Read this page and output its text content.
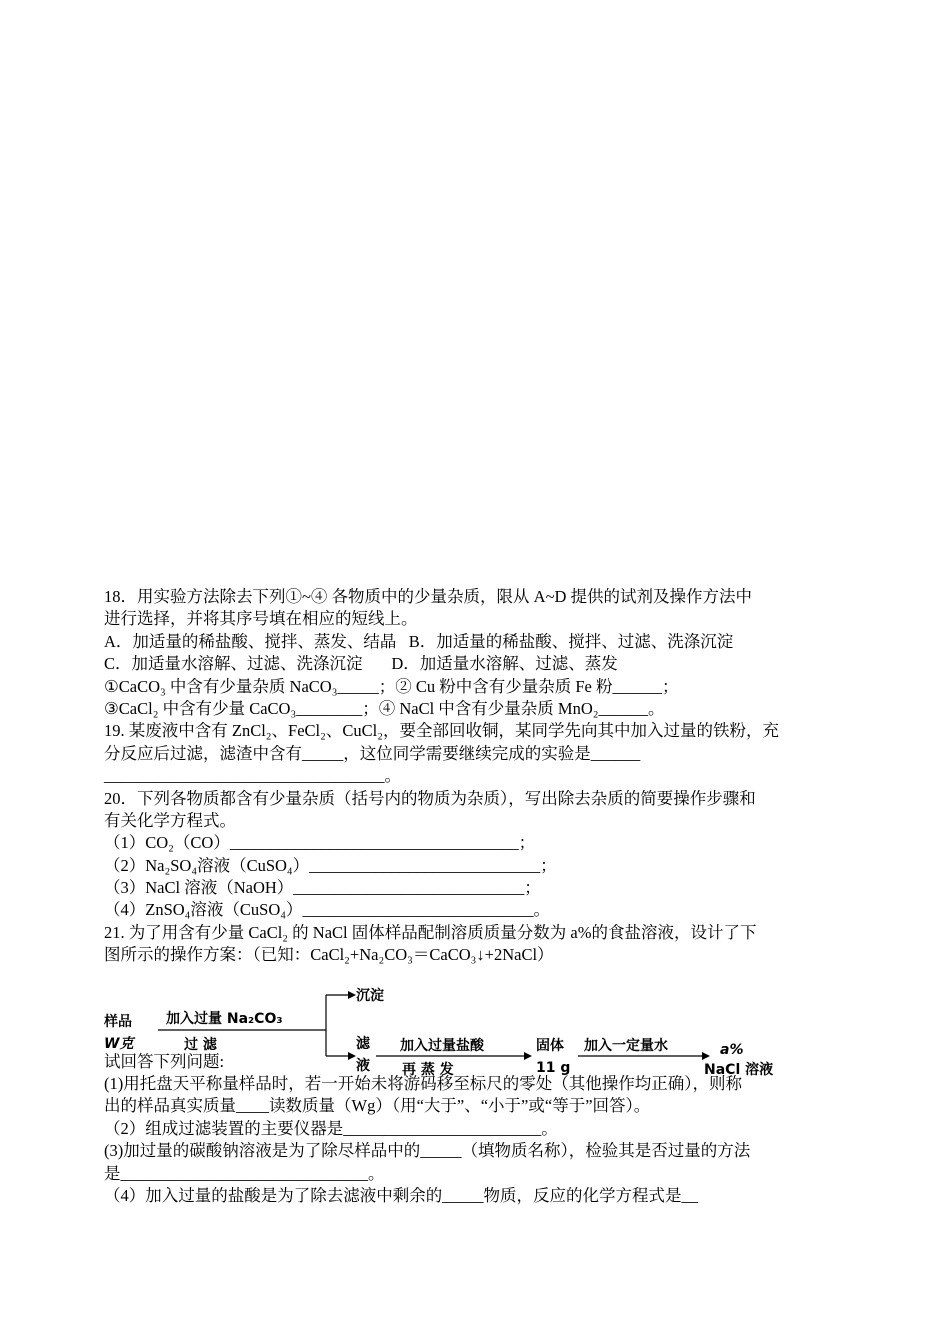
18．用实验方法除去下列①~④ 各物质中的少量杂质，限从 A~D 提供的试剂及操作方法中
进行选择，并将其序号填在相应的短线上。
A．加适量的稀盐酸、搅拌、蒸发、结晶   B．加适量的稀盐酸、搅拌、过滤、洗涤沉淀
C．加适量水溶解、过滤、洗涤沉淀       D．加适量水溶解、过滤、蒸发
①CaCO₃ 中含有少量杂质 NaCO₃_____；② Cu 粉中含有少量杂质 Fe 粉______；
③CaCl₂ 中含有少量 CaCO₃________；④ NaCl 中含有少量杂质 MnO₂______。
19. 某废液中含有 ZnCl₂、FeCl₂、CuCl₂，要全部回收铜，某同学先向其中加入过量的铁粉，充
分反应后过滤，滤渣中含有_____，这位同学需要继续完成的实验是______
__________________________________。
20．下列各物质都含有少量杂质（括号内的物质为杂质），写出除去杂质的简要操作步骤和
有关化学方程式。
（1）CO₂（CO）___________________________________；
（2）Na₂SO₄溶液（CuSO₄）____________________________；
（3）NaCl 溶液（NaOH）____________________________；
（4）ZnSO₄溶液（CuSO₄）____________________________。
21. 为了用含有少量 CaCl₂ 的 NaCl 固体样品配制溶质质量分数为 a%的食盐溶液，设计了下
图所示的操作方案：（已知：CaCl₂+Na₂CO₃＝CaCO₃↓+2NaCl）
样品
W克
加入过量 Na₂CO₃
过 滤
沉淀
滤
液
加入过量盐酸
再 蒸 发
固体
11 g
加入一定量水	a%
NaCl 溶液
试回答下列问题:
(1)用托盘天平称量样品时，若一开始未将游码移至标尺的零处（其他操作均正确），则称
出的样品真实质量____读数质量（Wg）（用“大于”、“小于”或“等于”回答）。
（2）组成过滤装置的主要仪器是________________________。
(3)加过量的碳酸钠溶液是为了除尽样品中的_____（填物质名称），检验其是否过量的方法
是______________________________。
（4）加入过量的盐酸是为了除去滤液中剩余的_____物质，反应的化学方程式是__
